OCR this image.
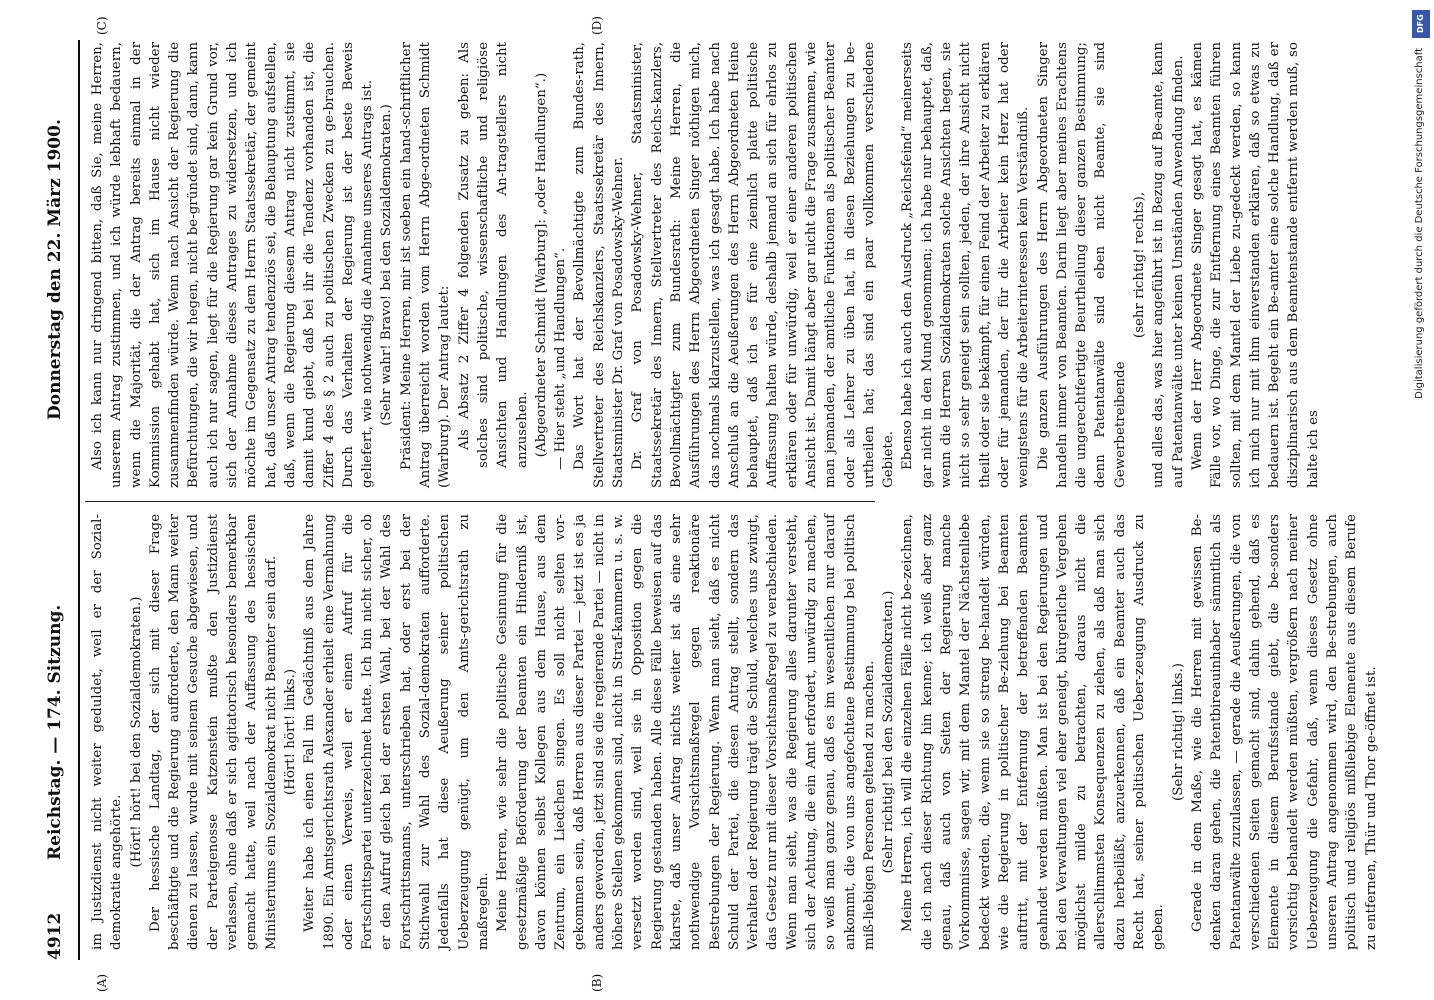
4912
Reichstag. — 174. Sitzung.
Donnerstag den 22. März 1900.
(A)	(B)
(C)	(D)

im Justizdienst nicht weiter geduldet, weil er der Sozial-demokratie angehörte.

(Hört! hört! bei den Sozialdemokraten.) Der hessische Landtag, der sich mit dieser Frage beschäftigte und die Regierung aufforderte, den Mann weiter dienen zu lassen, wurde mit seinem Gesuche abgewiesen, und der Parteigenosse Katzenstein mußte den Justizdienst verlassen, ohne daß er sich agitatorisch besonders bemerkbar gemacht hatte, weil nach der Auffassung des hessischen Ministeriums ein Sozialdemokrat nicht Beamter sein darf. (Hört! hört! links.) Weiter habe ich einen Fall im Gedächtniß aus dem Jahre 1890. Ein Amtsgerichtsrath Alexander erhielt eine Vermahnung oder einen Verweis, weil er einen Aufruf für die Fortschrittspartei unterzeichnet hatte. Ich bin nicht sicher, ob er den Aufruf gleich bei der ersten Wahl, bei der Wahl des Fortschrittsmanns, unterschrieben hat, oder erst bei der Stichwahl zur Wahl des Sozial-demokraten aufforderte. Jedenfalls hat diese Aeußerung seiner politischen Ueberzeugung genügt, um den Amts-gerichtsrath zu maßregeln. Meine Herren, wie sehr die politische Gesinnung für die gesetzmäßige Beförderung der Beamten ein Hinderniß ist, davon können selbst Kollegen aus dem Hause, aus dem Zentrum, ein Liedchen singen. Es soll nicht selten vor-gekommen sein, daß Herren aus dieser Partei — jetzt ist es ja anders geworden, jetzt sind sie die regierende Partei — nicht in höhere Stellen gekommen sind, nicht in Straf-kammern u. s. w. versetzt worden sind, weil sie in Opposition gegen die Regierung gestanden haben. Alle diese Fälle beweisen auf das klarste, daß unser Antrag nichts weiter ist als eine sehr nothwendige Vorsichtsmaßregel gegen reaktionäre Bestrebungen der Regierung. Wenn man sieht, daß es nicht Schuld der Partei, die diesen Antrag stellt, sondern das Verhalten der Regierung trägt die Schuld, welches uns zwingt, das Gesetz nur mit dieser Vorsichtsmaßregel zu verabschieden. Wenn man sieht, was die Regierung alles darunter versteht, sich der Achtung, die ein Amt erfordert, unwürdig zu machen, so weiß man ganz genau, daß es im wesentlichen nur darauf ankommt, die von uns angefochtene Bestimmung bei politisch miß-liebigen Personen geltend zu machen. (Sehr richtig! bei den Sozialdemokraten.) Meine Herren, ich will die einzelnen Fälle nicht be-zeichnen, die ich nach dieser Richtung hin kenne; ich weiß aber ganz genau, daß auch von Seiten der Regierung manche Vorkommnisse, sagen wir, mit dem Mantel der Nächstenliebe bedeckt werden, die, wenn sie so streng be-handelt würden, wie die Regierung in politischer Be-ziehung bei Beamten auftritt, mit der Entfernung der betreffenden Beamten geahndet werden müßten. Man ist bei den Regierungen und bei den Verwaltungen viel eher geneigt, bürgerliche Vergehen möglichst milde zu betrachten, daraus nicht die allerschlimmsten Konsequenzen zu ziehen, als daß man sich dazu herbeiläßt, anzuerkennen, daß ein Beamter auch das Recht hat, seiner politischen Ueber-zeugung Ausdruck zu geben.

(Sehr richtig! links.) Gerade in dem Maße, wie die Herren mit gewissen Be-denken daran gehen, die Patentbireauinhaber sämmtlich als Patentanwälte zuzulassen, — gerade die Aeußerungen, die von verschiedenen Seiten gemacht sind, dahin gehend, daß es Elemente in diesem Berufsstande giebt, die be-sonders vorsichtig behandelt werden müßten, vergrößern nach meiner Ueberzeugung die Gefahr, daß, wenn dieses Gesetz ohne unseren Antrag angenommen wird, den Be-strebungen, auch politisch und religiös mißliebige Elemente aus diesem Berufe zu entfernen, Thür und Thor ge-öffnet ist.

Also ich kann nur dringend bitten, daß Sie, meine Herren, unserem Antrag zustimmen, und ich würde lebhaft bedauern, wenn die Majorität, die der Antrag bereits einmal in der Kommission gehabt hat, sich im Hause nicht wieder zusammenfinden würde. Wenn nach Ansicht der Regierung die Befürchtungen, die wir hegen, nicht be-gründet sind, dann, kann auch ich nur sagen, liegt für die Regierung gar kein Grund vor, sich der Annahme dieses Antrages zu widersetzen, und ich möchte im Gegensatz zu dem Herrn Staatssekretär, der gemeint hat, daß unser Antrag tendenziös sei, die Behauptung aufstellen, daß, wenn die Regierung diesem Antrag nicht zustimmt, sie damit kund giebt, daß bei ihr die Tendenz vorhanden ist, die Ziffer 4 des § 2 auch zu politischen Zwecken zu ge-brauchen. Durch das Verhalten der Regierung ist der beste Beweis geliefert, wie nothwendig die Annahme unseres Antrags ist. (Sehr wahr! Bravo! bei den Sozialdemokraten.) Präsident: Meine Herren, mir ist soeben ein hand-schriftlicher Antrag überreicht worden vom Herrn Abge-ordneten Schmidt (Warburg). Der Antrag lautet: Als Absatz 2 Ziffer 4 folgenden Zusatz zu geben: Als solches sind politische, wissenschaftliche und religiöse Ansichten und Handlungen des An-tragstellers nicht anzusehen. (Abgeordneter Schmidt [Warburg]: „oder Handlungen“.) — Hier steht „und Handlungen“. Das Wort hat der Bevollmächtigte zum Bundes-rath, Stellvertreter des Reichskanzlers, Staatssekretär des Innern, Staatsminister Dr. Graf von Posadowsky-Wehner. Dr. Graf von Posadowsky-Wehner, Staatsminister, Staatssekretär des Innern, Stellvertreter des Reichs-kanzlers, Bevollmächtigter zum Bundesrath: Meine Herren, die Ausführungen des Herrn Abgeordneten Singer nöthigen mich, das nochmals klarzustellen, was ich gesagt habe. Ich habe nach Anschluß an die Aeußerungen des Herrn Abgeordneten Heine behauptet, daß ich es für eine ziemlich platte politische Auffassung halten würde, deshalb jemand an sich für ehrlos zu erklären oder für unwürdig, weil er einer anderen politischen Ansicht ist. Damit hängt aber gar nicht die Frage zusammen, wie man jemanden, der amtliche Funktionen als politischer Beamter oder als Lehrer zu üben hat, in diesen Beziehungen zu be-urtheilen hat; das sind ein paar vollkommen verschiedene Gebiete. Ebenso habe ich auch den Ausdruck „Reichsfeind“ meinerseits gar nicht in den Mund genommen; ich habe nur behauptet, daß, wenn die Herren Sozialdemokraten solche Ansichten hegen, sie nicht so sehr geneigt sein sollten, jeden, der ihre Ansicht nicht theilt oder sie bekämpft, für einen Feind der Arbeiter zu erklären oder für jemanden, der für die Arbeiter kein Herz hat oder wenigstens für die Arbeiterinteressen kein Verständniß. Die ganzen Ausführungen des Herrn Abgeordneten Singer handeln immer von Beamten. Darin liegt aber meines Erachtens die ungerechtfertigte Beurtheilung dieser ganzen Bestimmung; denn Patentanwälte sind eben nicht Beamte, sie sind Gewerbetreibende

(sehr richtig! rechts), und alles das, was hier angeführt ist in Bezug auf Be-amte, kann auf Patentanwälte unter keinen Umständen Anwendung finden. Wenn der Herr Abgeordnete Singer gesagt hat, es kämen Fälle vor, wo Dinge, die zur Entfernung eines Beamten führen sollten, mit dem Mantel der Liebe zu-gedeckt werden, so kann ich mich nur mit ihm einverstanden erklären, daß so etwas zu bedauern ist. Begeht ein Be-amter eine solche Handlung, daß er disziplinarisch aus dem Beamtenstande entfernt werden muß, so halte ich es

DFG
Digitalisierung gefördert durch die Deutsche Forschungsgemeinschaft
